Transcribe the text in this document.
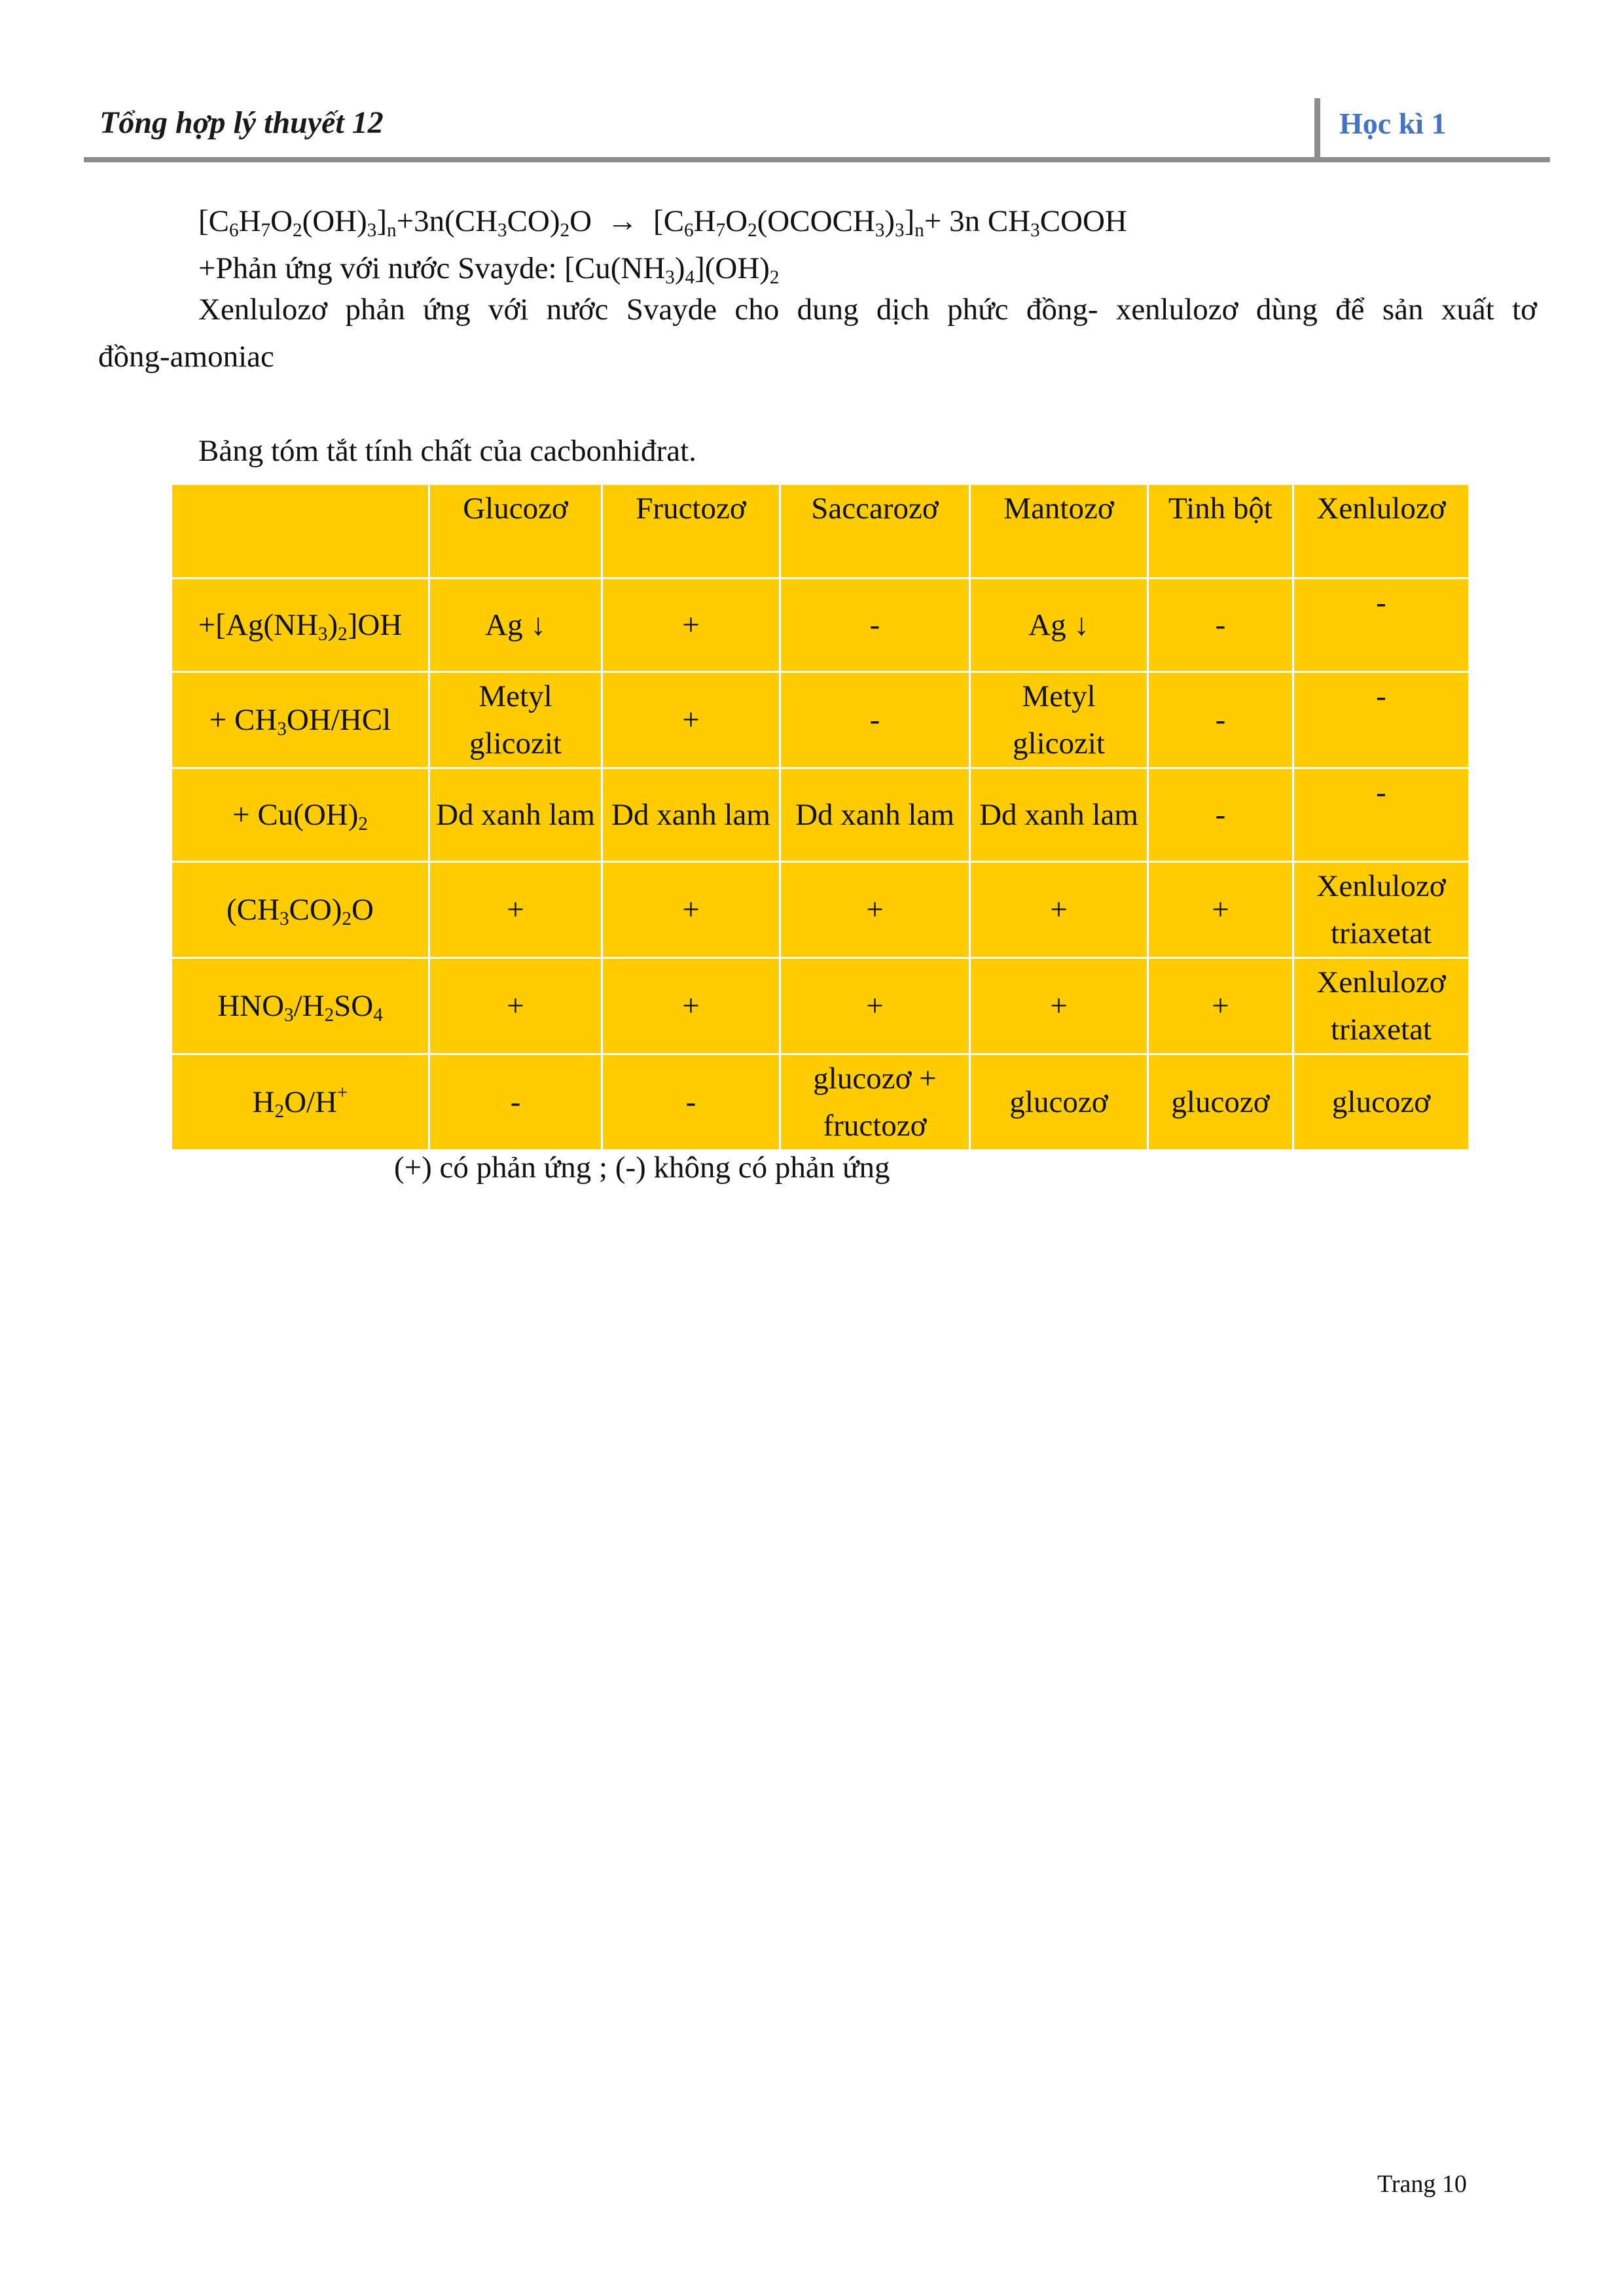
Tổng hợp lý thuyết 12	Học kì 1
$[C_6H_7O_2(OH)_3]_n+3n(CH_3CO)_2O$  →  $[C_6H_7O_2(OCOCH_3)_3]_n+ 3n$ $CH_3COOH$
+Phản ứng với nước Svayde: $[Cu(NH_3)_4](OH)_2$
Xenlulozơ phản ứng với nước Svayde cho dung dịch phức đồng- xenlulozơ dùng để sản xuất tơ
đồng-amoniac
Bảng tóm tắt tính chất của cacbonhiđrat.
	Glucozơ	Fructozơ	Saccarozơ	Mantozơ	Tinh bột	Xenlulozơ
$+[Ag(NH_3)_2]OH$	Ag ↓	+	-	Ag ↓	-	-
+ $CH_3OH$/HCl	Metyl glicozit	+	-	Metyl glicozit	-	-
+ $Cu(OH)_2$	Dd xanh lam	Dd xanh lam	Dd xanh lam	Dd xanh lam	-	-
$(CH_3CO)_2O$	+	+	+	+	+	Xenlulozơ triaxetat
$HNO_3/H_2SO_4$	+	+	+	+	+	Xenlulozơ triaxetat
$H_2O/H^+$	-	-	glucozơ + fructozơ	glucozơ	glucozơ	glucozơ
(+) có phản ứng ; (-) không có phản ứng
Trang 10
